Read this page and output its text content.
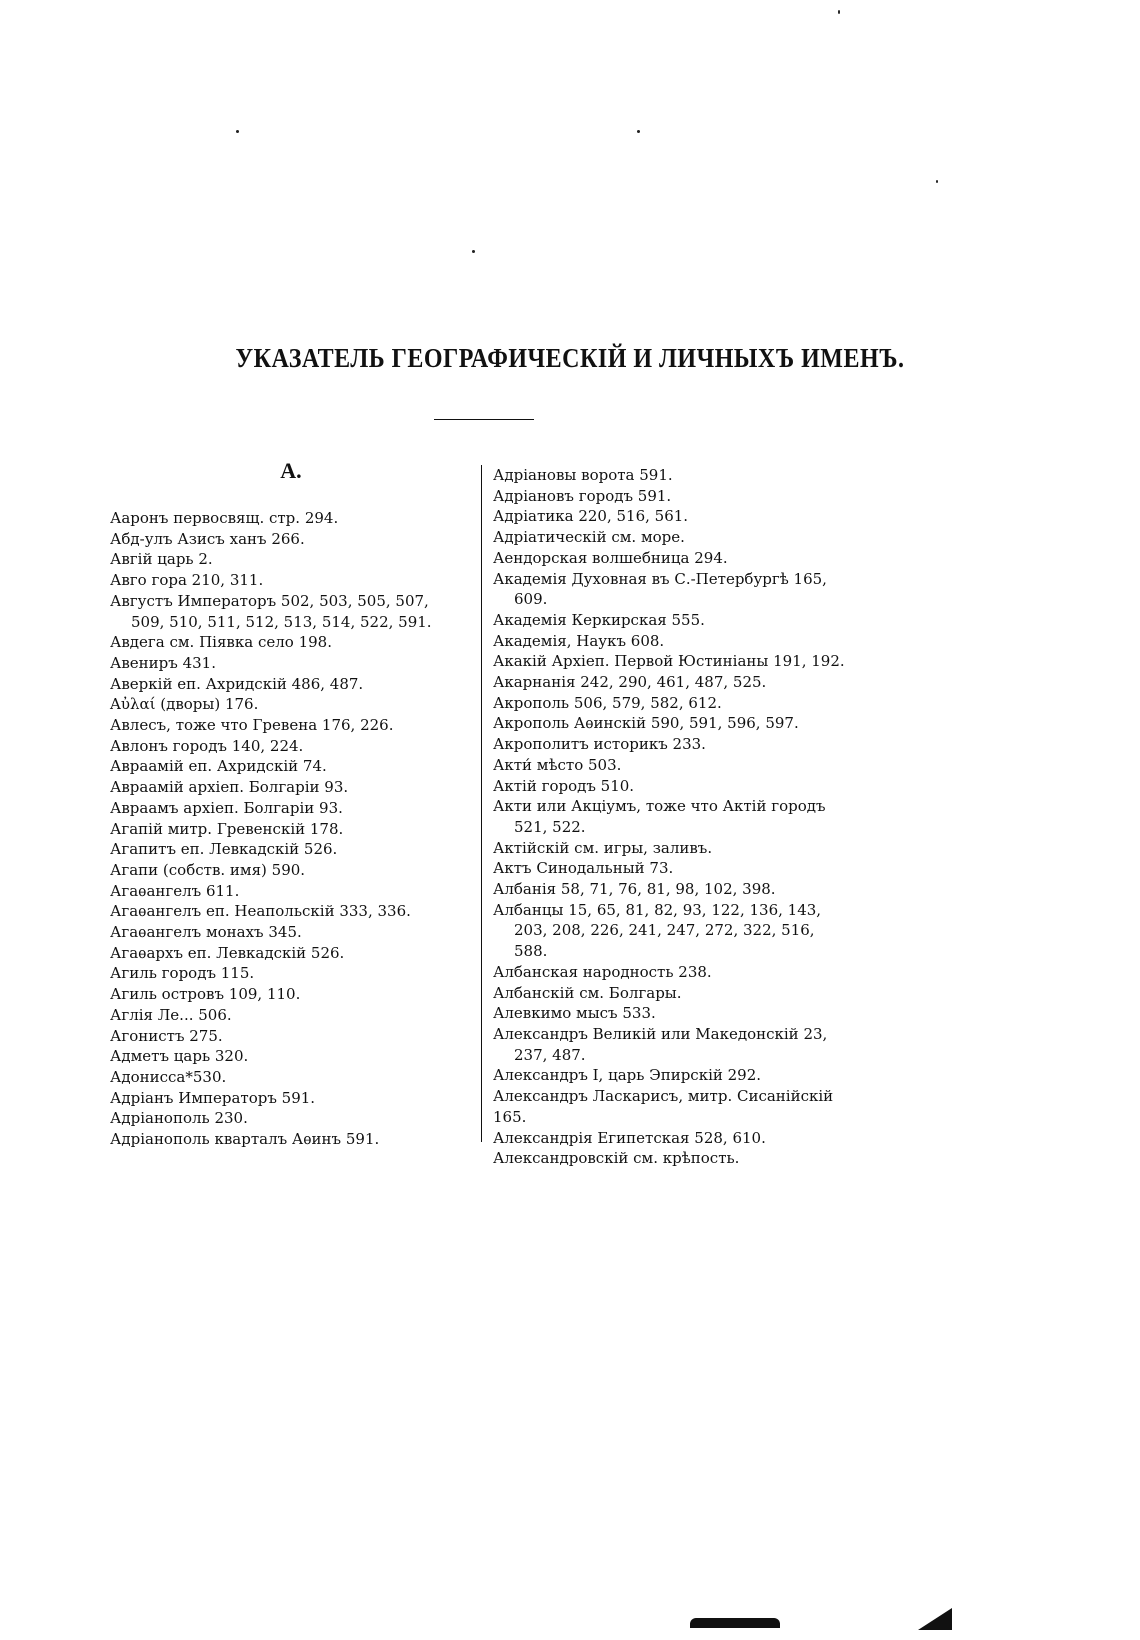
УКАЗАТЕЛЬ ГЕОГРАФИЧЕСКІЙ И ЛИЧНЫХЪ ИМЕНЪ.
А.
Ааронъ первосвящ. стр. 294.
Абд-улъ Азисъ ханъ 266.
Авгій царь 2.
Авго гора 210, 311.
Августъ Императоръ 502, 503, 505, 507,
509, 510, 511, 512, 513, 514, 522, 591.
Авдега см. Піявка село 198.
Авениръ 431.
Аверкій еп. Ахридскій 486, 487.
Αὐλαί (дворы) 176.
Авлесъ, тоже что Гревена 176, 226.
Авлонъ городъ 140, 224.
Авраамій еп. Ахридскій 74.
Авраамій архіеп. Болгаріи 93.
Авраамъ архіеп. Болгаріи 93.
Агапій митр. Гревенскій 178.
Агапитъ еп. Левкадскій 526.
Агапи (собств. имя) 590.
Агаѳангелъ 611.
Агаѳангелъ еп. Неапольскій 333, 336.
Агаѳангелъ монахъ 345.
Агаѳархъ еп. Левкадскій 526.
Агиль городъ 115.
Агиль островъ 109, 110.
Аглія Ле... 506.
Агонистъ 275.
Адметъ царь 320.
Адонисса*530.
Адріанъ Императоръ 591.
Адріанополь 230.
Адріанополь кварталъ Аѳинъ 591.
Адріановы ворота 591.
Адріановъ городъ 591.
Адріатика 220, 516, 561.
Адріатическій см. море.
Аендорская волшебница 294.
Академія Духовная въ С.-Петербургѣ 165,
609.
Академія Керкирская 555.
Академія, Наукъ 608.
Акакій Архіеп. Первой Юстиніаны 191, 192.
Акарнанія 242, 290, 461, 487, 525.
Акрополь 506, 579, 582, 612.
Акрополь Аѳинскій 590, 591, 596, 597.
Акрополитъ историкъ 233.
Акти́ мѣсто 503.
Актій городъ 510.
Акти или Акціумъ, тоже что Актій городъ
521, 522.
Актійскій см. игры, заливъ.
Актъ Синодальный 73.
Албанія 58, 71, 76, 81, 98, 102, 398.
Албанцы 15, 65, 81, 82, 93, 122, 136, 143,
203, 208, 226, 241, 247, 272, 322, 516,
588.
Албанская народность 238.
Албанскій см. Болгары.
Алевкимо мысъ 533.
Александръ Великій или Македонскій 23,
237, 487.
Александръ I, царь Эпирскій 292.
Александръ Ласкарисъ, митр. Сисанійскій 165.
Александрія Египетская 528, 610.
Александровскій см. крѣпость.
